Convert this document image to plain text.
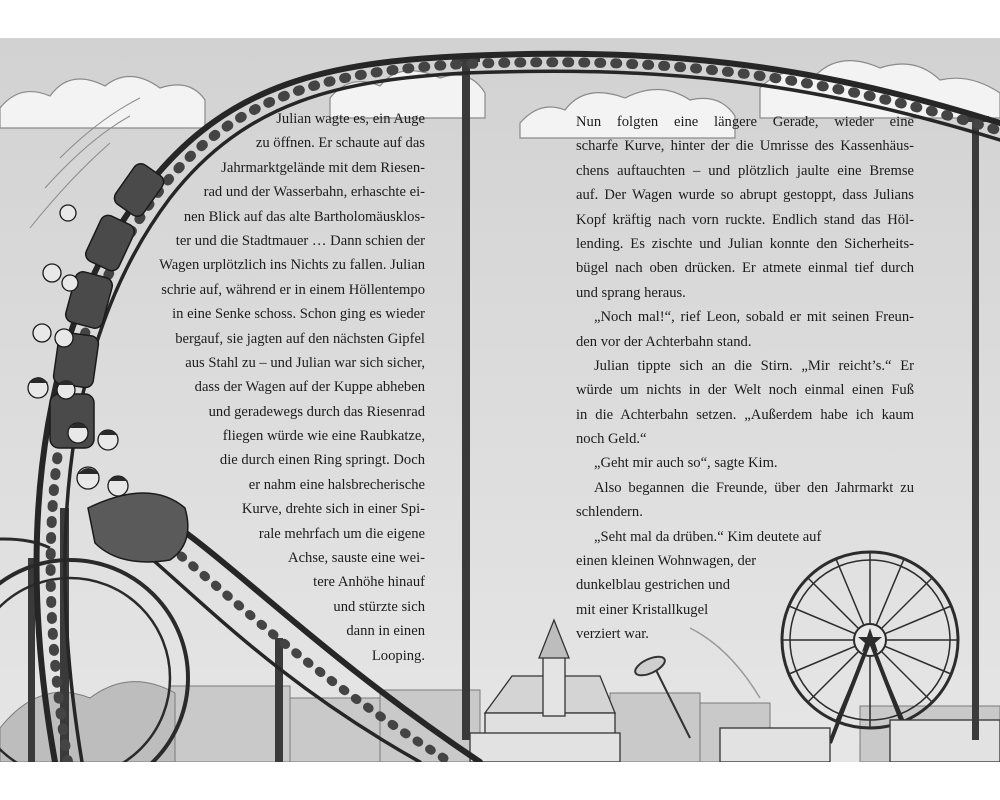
Julian wagte es, ein Auge
zu öffnen. Er schaute auf das
Jahrmarktgelände mit dem Riesen-
rad und der Wasserbahn, erhaschte ei-
nen Blick auf das alte Bartholomäusklos-
ter und die Stadtmauer … Dann schien der
Wagen urplötzlich ins Nichts zu fallen. Julian
schrie auf, während er in einem Höllentempo
in eine Senke schoss. Schon ging es wieder
bergauf, sie jagten auf den nächsten Gipfel
aus Stahl zu – und Julian war sich sicher,
dass der Wagen auf der Kuppe abheben
und geradewegs durch das Riesenrad
fliegen würde wie eine Raubkatze,
die durch einen Ring springt. Doch
er nahm eine halsbrecherische
Kurve, drehte sich in einer Spi-
rale mehrfach um die eigene
Achse, sauste eine wei-
tere Anhöhe hinauf
und stürzte sich
dann in einen
Looping.
Nun folgten eine längere Gerade, wieder eine
scharfe Kurve, hinter der die Umrisse des Kassenhäus-
chens auftauchten – und plötzlich jaulte eine Bremse
auf. Der Wagen wurde so abrupt gestoppt, dass Julians
Kopf kräftig nach vorn ruckte. Endlich stand das Höl-
lending. Es zischte und Julian konnte den Sicherheits-
bügel nach oben drücken. Er atmete einmal tief durch
und sprang heraus.
„Noch mal!“, rief Leon, sobald er mit seinen Freun-
den vor der Achterbahn stand.
Julian tippte sich an die Stirn. „Mir reicht’s.“ Er
würde um nichts in der Welt noch einmal einen Fuß
in die Achterbahn setzen. „Außerdem habe ich kaum
noch Geld.“
„Geht mir auch so“, sagte Kim.
Also begannen die Freunde, über den Jahrmarkt zu
schlendern.
„Seht mal da drüben.“ Kim deutete auf
einen kleinen Wohnwagen, der
dunkelblau gestrichen und
mit einer Kristallkugel
verziert war.
